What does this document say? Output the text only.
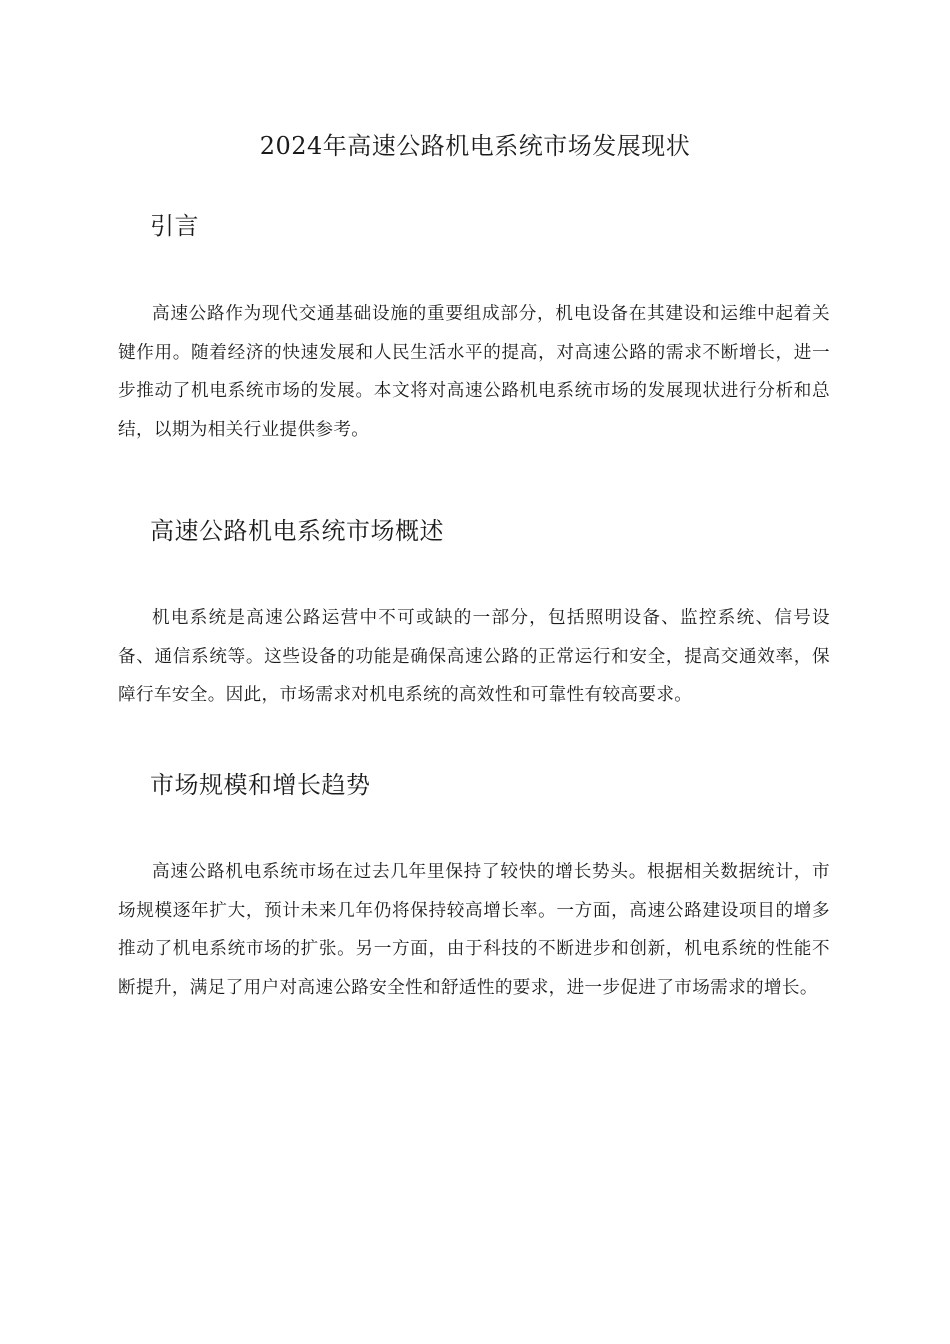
2024年高速公路机电系统市场发展现状
引言
高速公路作为现代交通基础设施的重要组成部分，机电设备在其建设和运维中起着关键作用。随着经济的快速发展和人民生活水平的提高，对高速公路的需求不断增长，进一步推动了机电系统市场的发展。本文将对高速公路机电系统市场的发展现状进行分析和总结，以期为相关行业提供参考。
高速公路机电系统市场概述
机电系统是高速公路运营中不可或缺的一部分，包括照明设备、监控系统、信号设备、通信系统等。这些设备的功能是确保高速公路的正常运行和安全，提高交通效率，保障行车安全。因此，市场需求对机电系统的高效性和可靠性有较高要求。
市场规模和增长趋势
高速公路机电系统市场在过去几年里保持了较快的增长势头。根据相关数据统计，市场规模逐年扩大，预计未来几年仍将保持较高增长率。一方面，高速公路建设项目的增多推动了机电系统市场的扩张。另一方面，由于科技的不断进步和创新，机电系统的性能不断提升，满足了用户对高速公路安全性和舒适性的要求，进一步促进了市场需求的增长。
